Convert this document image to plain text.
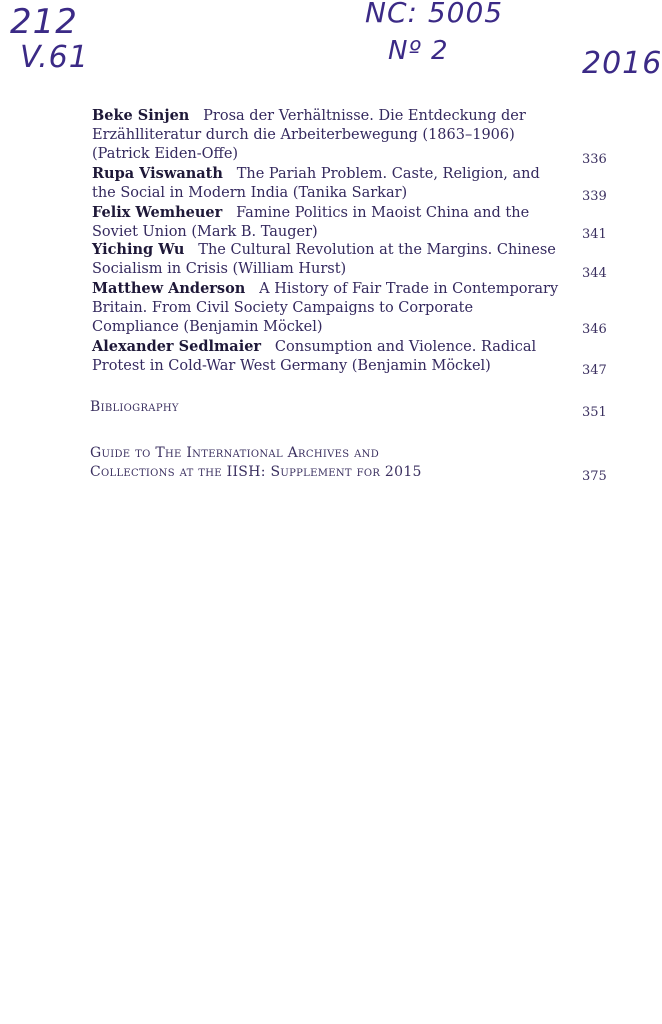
212
V.61
NC: 5005
Nº 2	2016
Beke Sinjen Prosa der Verhältnisse. Die Entdeckung der Erzählliteratur durch die Arbeiterbewegung (1863–1906) (Patrick Eiden-Offe)	336
Rupa Viswanath The Pariah Problem. Caste, Religion, and the Social in Modern India (Tanika Sarkar)	339
Felix Wemheuer Famine Politics in Maoist China and the Soviet Union (Mark B. Tauger)	341
Yiching Wu The Cultural Revolution at the Margins. Chinese Socialism in Crisis (William Hurst)	344
Matthew Anderson A History of Fair Trade in Contemporary Britain. From Civil Society Campaigns to Corporate Compliance (Benjamin Möckel)	346
Alexander Sedlmaier Consumption and Violence. Radical Protest in Cold-War West Germany (Benjamin Möckel)	347
Bibliography	351
Guide to The International Archives and
Collections at the IISH: Supplement for 2015	375
